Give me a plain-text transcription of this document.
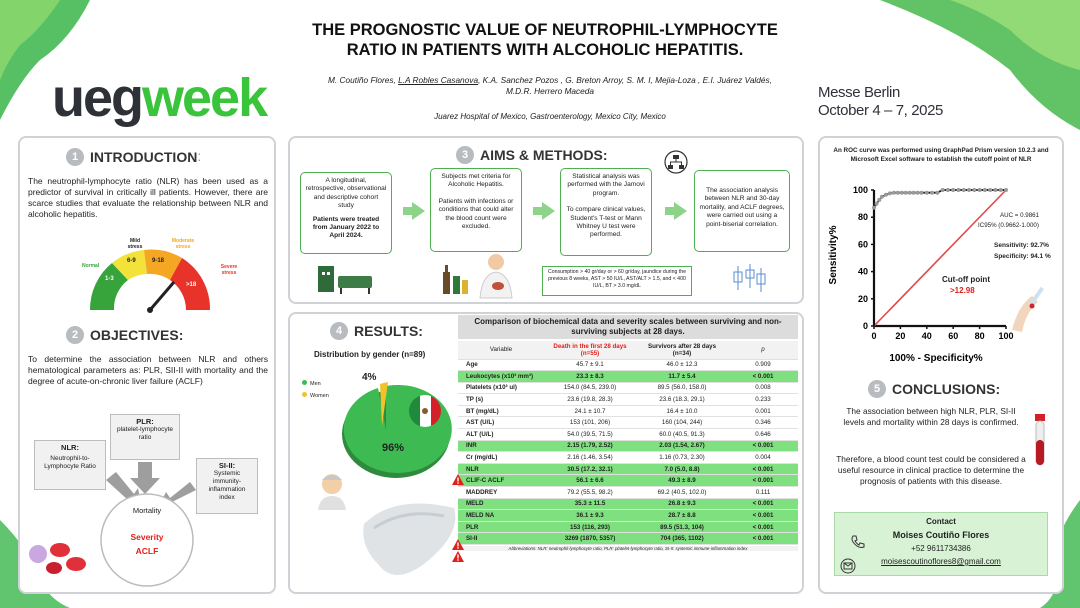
THE PROGNOSTIC VALUE OF NEUTROPHIL-LYMPHOCYTE
RATIO IN PATIENTS WITH ALCOHOLIC HEPATITIS.
M. Coutiño Flores, L.A Robles Casanova, K.A. Sanchez Pozos , G. Breton Arroy, S. M. I, Mejia-Loza , E.I. Juárez Valdés,
M.D.R. Herrero Maceda
Juarez Hospital of Mexico, Gastroenterology, Mexico City, Mexico
uegweek	Messe Berlin
October 4 – 7, 2025
1 INTRODUCTION:
The neutrophil-lymphocyte ratio (NLR) has been used as a predictor of survival in critically ill patients. However, there are scarce studies that evaluate the relationship between NLR and alcoholic hepatitis.
Normal
Mild stress
Moderate stress
Severe stress
1-3
6-9	9-18
>18
2 OBJECTIVES:
To determine the association between NLR and others hematological parameters as: PLR, SII-II with mortality and the degree of acute-on-chronic liver failure (ACLF)
PLR:
platelet-lymphocyte ratio
NLR:
Neutrophil-to-Lymphocyte Ratio	SI-II:
Systemic immunity-inflammation index
Mortality
Severity
ACLF
3 AIMS & METHODS:
A longitudinal, retrospective, observational and descriptive cohort study
Patients were treated from January 2022 to April 2024.
Subjects met criteria for Alcoholic Hepatitis.
Patients with infections or conditions that could alter the blood count were excluded.
Statistical analysis was performed with the Jamovi program.
To compare clinical values, Student's T-test or Mann Whitney U test were performed.
The association analysis between NLR and 30-day mortality, and ACLF degrees, were carried out using a point-biserial correlation.
Consumption > 40 gr/day or > 60 gr/day, jaundice during the previous 8 weeks, AST > 50 IU/L, AST/ALT > 1.5, and < 400 IU/L, BT > 3.0 mg/dL
4 RESULTS:
Distribution by gender (n=89)
Men
Women
4%
96%
Comparison of biochemical data and severity scales between surviving and non-surviving subjects at 28 days.
Variable	Death in the first 28 days (n=55)	Survivors after 28 days (n=34)	p
Age	45.7 ± 9.1	46.0 ± 12.3	0.909
Leukocytes (x10³ mm³)	23.3 ± 8.3	11.7 ± 5.4	< 0.001
Platelets (x10³ ul)	154.0 (84.5, 239.0)	89.5 (56.0, 158.0)	0.008
TP (s)	23.6 (19.8, 28.3)	23.6 (18.3, 29.1)	0.233
BT (mg/dL)	24.1 ± 10.7	16.4 ± 10.0	0.001
AST (U/L)	153 (101, 206)	160 (104, 244)	0.346
ALT (U/L)	54.0 (39.5, 71.5)	60.0 (40.5, 91.3)	0.646
INR	2.15 (1.79, 2.52)	2.03 (1.54, 2.67)	< 0.001
Cr (mg/dL)	2.16 (1.46, 3.54)	1.16 (0.73, 2.30)	0.004
NLR	30.5 (17.2, 32.1)	7.0 (5.0, 8.8)	< 0.001
CLIF-C ACLF	56.1 ± 6.6	49.3 ± 8.9	< 0.001
MADDREY	79.2 (55.5, 98.2)	69.2 (40.5, 102.0)	0.111
MELD	35.3 ± 11.5	26.8 ± 9.3	< 0.001
MELD NA	36.1 ± 9.3	28.7 ± 8.8	< 0.001
PLR	153 (116, 293)	89.5 (51.3, 104)	< 0.001
SI-II	3269 (1870, 5357)	704 (365, 1102)	< 0.001
Abbreviations: NLR: neutrophil-lymphocyte ratio, PLR: platelet-lymphocyte ratio, SI-II: systemic immune-inflammation index
An ROC curve was performed using GraphPad Prism version 10.2.3 and Microsoft Excel software to establish the cutoff point of NLR
0 20 40 60 80 100
0
20
40
60
80
100
100% - Specificity%
Sensitivity%
AUC = 0.9861
IC95% (0.9662-1.000)
Sensitivity: 92.7%
Specificity: 94.1 %
Cut-off point
>12.98
5 CONCLUSIONS:
The association between high NLR, PLR, SI-II levels and mortality within 28 days is confirmed.
Therefore, a blood count test could be considered a useful resource in clinical practice to determine the prognosis of patients with this disease.
Contact
Moises Coutiño Flores
+52 9611734386
moisescoutinoflores8@gmail.com
